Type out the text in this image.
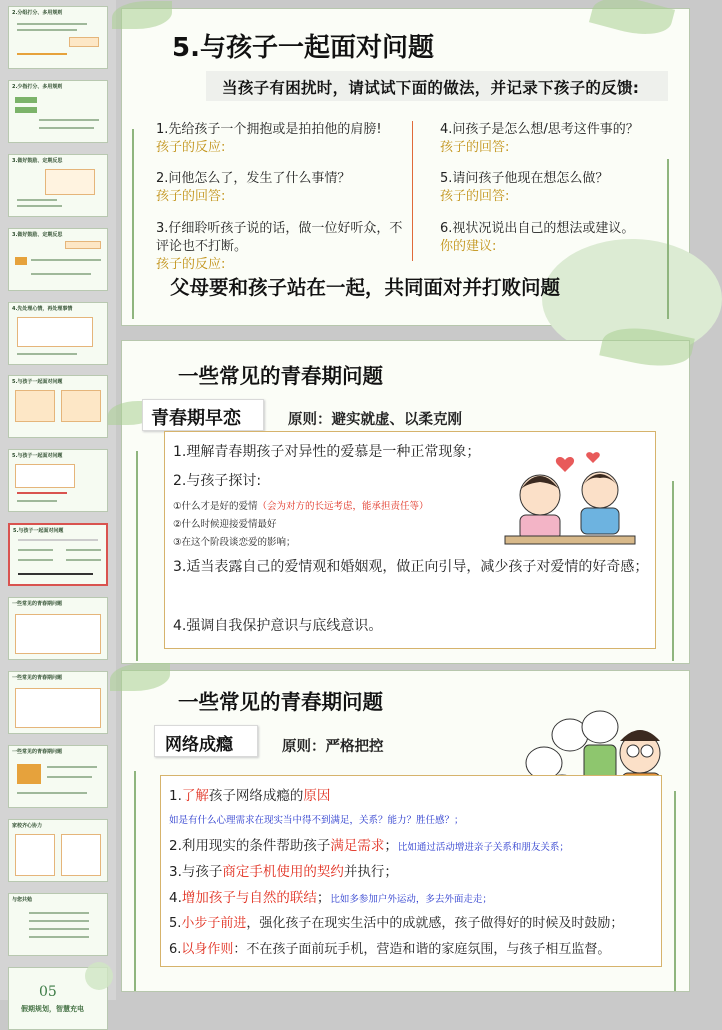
2.分组打分、多用规则
2.少指打分、多用规则
3.做好鼓励、定期反思
3.做好鼓励、定期反思
4.先处理心情，再处理事情
5.与孩子一起面对问题
5.与孩子一起面对问题
5.与孩子一起面对问题
一些常见的青春期问题
一些常见的青春期问题
一些常见的青春期问题
家校齐心协力
与您共勉
05
假期规划，智慧充电
5.与孩子一起面对问题
当孩子有困扰时，请试试下面的做法，并记录下孩子的反馈:
1.先给孩子一个拥抱或是拍拍他的肩膀!
孩子的反应:
2.问他怎么了，发生了什么事情？
孩子的回答:
3.仔细聆听孩子说的话，做一位好听众，不评论也不打断。
孩子的反应:
4.问孩子是怎么想/思考这件事的？
孩子的回答:
5.请问孩子他现在想怎么做？
孩子的回答:
6.视状况说出自己的想法或建议。
你的建议:
父母要和孩子站在一起，共同面对并打败问题
一些常见的青春期问题
青春期早恋	原则：避实就虚、以柔克刚
1.理解青春期孩子对异性的爱慕是一种正常现象；
2.与孩子探讨:
①什么才是好的爱情（会为对方的长远考虑，能承担责任等）
②什么时候迎接爱情最好
③在这个阶段谈恋爱的影响；
3.适当表露自己的爱情观和婚姻观，做正向引导，减少孩子对爱情的好奇感；
4.强调自我保护意识与底线意识。
一些常见的青春期问题
网络成瘾	原则：严格把控
1.了解孩子网络成瘾的原因
如是有什么心理需求在现实当中得不到满足，关系？能力？胜任感？；
2.利用现实的条件帮助孩子满足需求；比如通过活动增进亲子关系和朋友关系；
3.与孩子商定手机使用的契约并执行；
4.增加孩子与自然的联结；比如多参加户外运动，多去外面走走；
5.小步子前进，强化孩子在现实生活中的成就感，孩子做得好的时候及时鼓励；
6.以身作则：不在孩子面前玩手机，营造和谐的家庭氛围，与孩子相互监督。
